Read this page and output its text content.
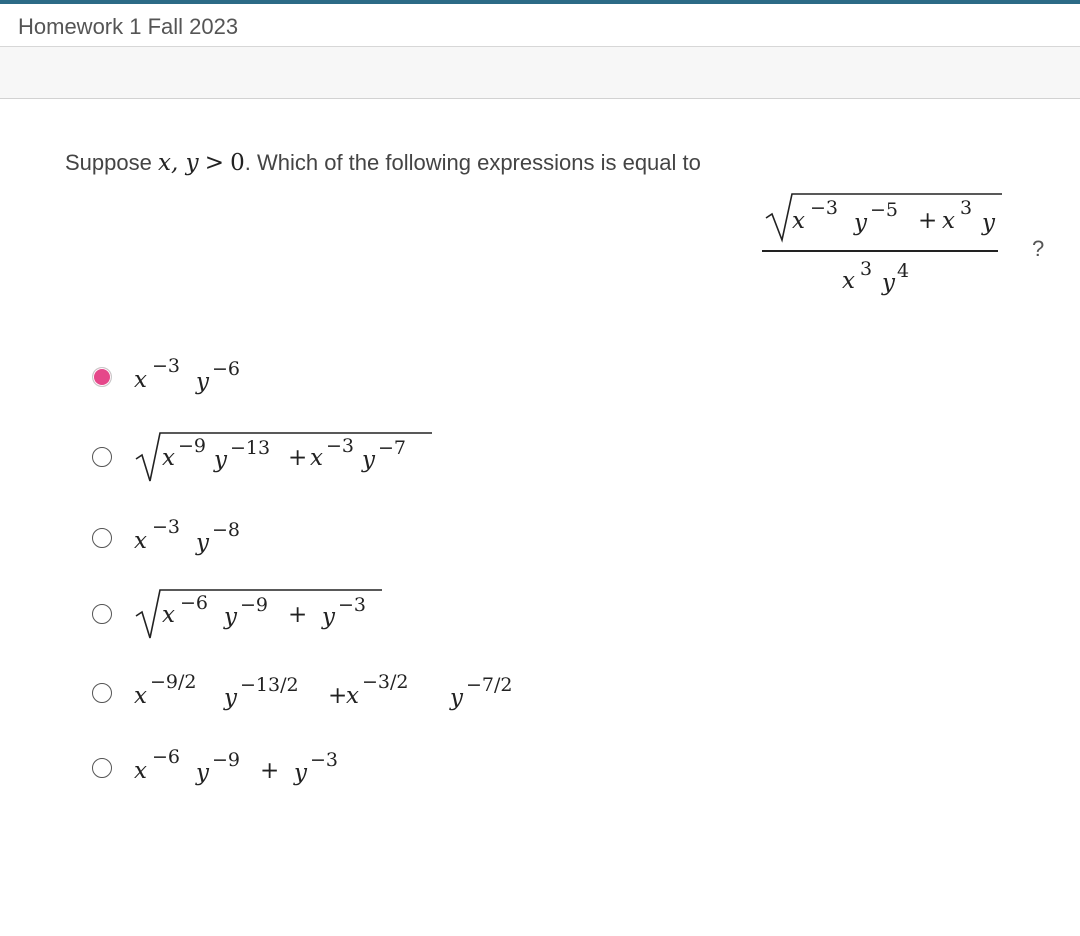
Homework 1 Fall 2023
Suppose x, y > 0. Which of the following expressions is equal to
x −3
y −5 + x 3
y
x 3
y 4
?
x
−3
y −6
x −9
y −13 + x −3
y −7
x
−3
y −8
x −6
y −9 + y −3
x
−9/2
y −13/2 +
x
−3/2
y −7/2
x
−6
y −9 + y −3
